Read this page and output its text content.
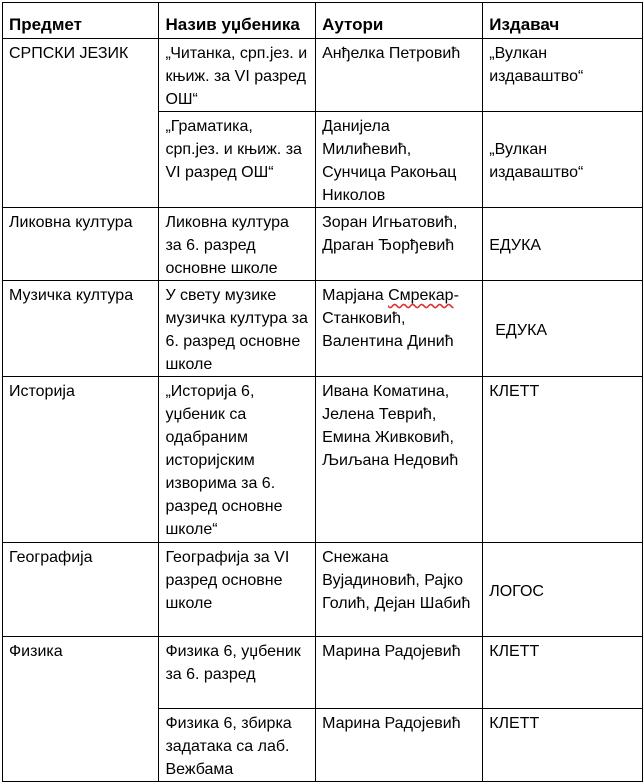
Предмет	Назив уџбеника	Аутори	Издавач
СРПСКИ ЈЕЗИК	„Читанка, срп.јез. и књиж. за VI разред ОШ“	Анђелка Петровић	„Вулкан издаваштво“
	„Граматика, срп.јез. и књиж. за VI разред ОШ“	Данијела Милићевић, Сунчица Ракоњац Николов	„Вулкан издаваштво“
Ликовна култура	Ликовна култура за 6. разред основне школе	Зоран Игњатовић, Драган Ђорђевић	ЕДУКА
Музичка култура	У свету музике музичка култура за 6. разред основне школе	Марјана Смрекар-Станковић, Валентина Динић	ЕДУКА
Историја	„Историја 6, уџбеник са одабраним историјским изворима за 6. разред основне школе“	Ивана Коматина, Јелена Теврић, Емина Живковић, Љиљана Недовић	КЛЕТТ
Географија	Географија за VI разред основне школе	Снежана Вујадиновић, Рајко Голић, Дејан Шабић	ЛОГОС
Физика	Физика 6, уџбеник за 6. разред	Марина Радојевић	КЛЕТТ
	Физика 6, збирка задатака са лаб. Вежбама	Марина Радојевић	КЛЕТТ
